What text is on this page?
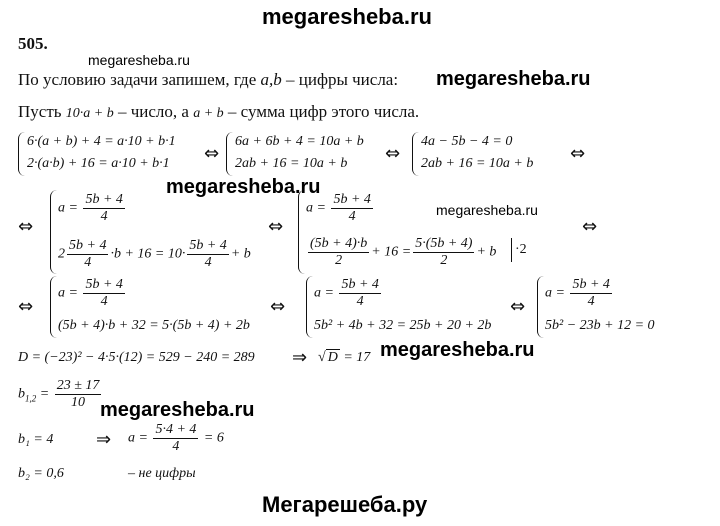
megaresheba.ru
megaresheba.ru
megaresheba.ru
megaresheba.ru
megaresheba.ru
megaresheba.ru
megaresheba.ru
Мегарешеба.ру
505.
По условию задачи запишем, где a,b – цифры числа:
Пусть 10·a + b – число, а a + b – сумма цифр этого числа.
6·(a + b) + 4 = a·10 + b·1
2·(a·b) + 16 = a·10 + b·1 ⇔
6a + 6b + 4 = 10a + b
2ab + 16 = 10a + b ⇔
4a − 5b − 4 = 0
2ab + 16 = 10a + b ⇔
⇔
$a = \frac{5b + 4}{4}$
$2 \frac{5b + 4}{4} \cdot b + 16 = 10\cdot \frac{5b + 4}{4} + b$
⇔
$a = \frac{5b + 4}{4}$
$\frac{(5b + 4)\cdot b}{2} + 16 = \frac{5\cdot(5b + 4)}{2} + b \cdot 2$
⇔
⇔
$a = \frac{5b + 4}{4}$
(5b + 4)·b + 32 = 5·(5b + 4) + 2b
⇔
$a = \frac{5b + 4}{4}$
5b² + 4b + 32 = 25b + 20 + 2b
⇔
$a = \frac{5b + 4}{4}$
5b² − 23b + 12 = 0
D = (−23)² − 4·5·(12) = 529 − 240 = 289 ⇒ √ D = 17
$b_{1,2} = \frac{23 \pm 17}{10}$
b₁ = 4 ⇒ $a = \frac{5\cdot 4 + 4}{4} = 6$
b₂ = 0,6	– не цифры
